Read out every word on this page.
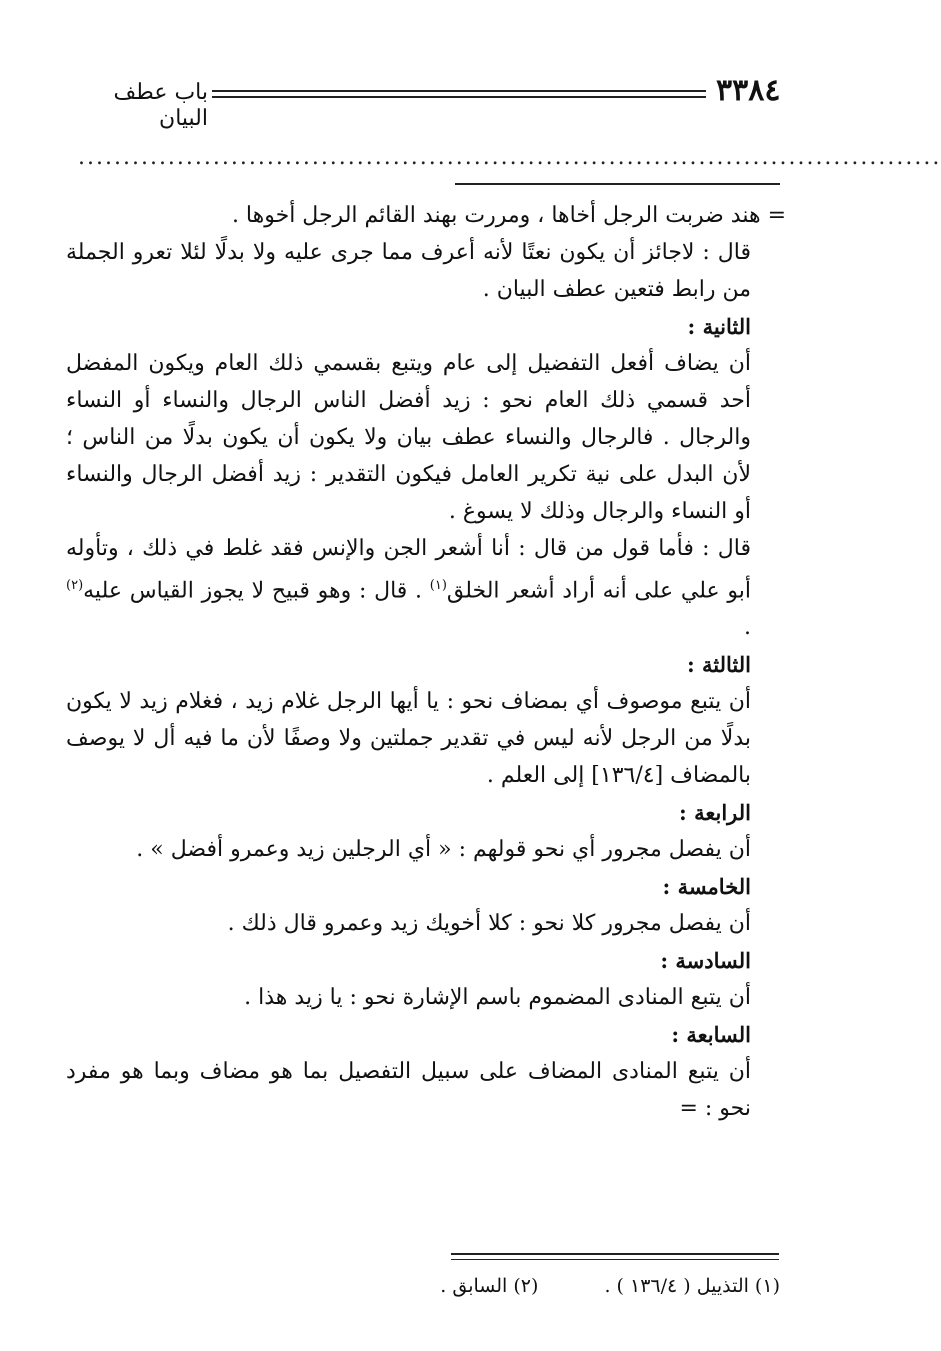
٣٣٨٤
باب عطف البيان
................................................................................................

= هند ضربت الرجل أخاها ، ومررت بهند القائم الرجل أخوها .

قال : لاجائز أن يكون نعتًا لأنه أعرف مما جرى عليه ولا بدلًا لئلا تعرو الجملة من رابط فتعين عطف البيان .

الثانية :

أن يضاف أفعل التفضيل إلى عام ويتبع بقسمي ذلك العام ويكون المفضل أحد قسمي ذلك العام نحو : زيد أفضل الناس الرجال والنساء أو النساء والرجال . فالرجال والنساء عطف بيان ولا يكون أن يكون بدلًا من الناس ؛ لأن البدل على نية تكرير العامل فيكون التقدير : زيد أفضل الرجال والنساء أو النساء والرجال وذلك لا يسوغ .

قال : فأما قول من قال : أنا أشعر الجن والإنس فقد غلط في ذلك ، وتأوله أبو علي على أنه أراد أشعر الخلق$^{(١)}$ . قال : وهو قبيح لا يجوز القياس عليه$^{(٢)}$ .

الثالثة :

أن يتبع موصوف أي بمضاف نحو : يا أيها الرجل غلام زيد ، فغلام زيد لا يكون بدلًا من الرجل لأنه ليس في تقدير جملتين ولا وصفًا لأن ما فيه أل لا يوصف بالمضاف [١٣٦/٤] إلى العلم .

الرابعة :

أن يفصل مجرور أي نحو قولهم : « أي الرجلين زيد وعمرو أفضل » .

الخامسة :

أن يفصل مجرور كلا نحو : كلا أخويك زيد وعمرو قال ذلك .

السادسة :

أن يتبع المنادى المضموم باسم الإشارة نحو : يا زيد هذا .

السابعة :

أن يتبع المنادى المضاف على سبيل التفصيل بما هو مضاف وبما هو مفرد نحو : =

(١) التذييل ( ١٣٦/٤ ) . (٢) السابق .
